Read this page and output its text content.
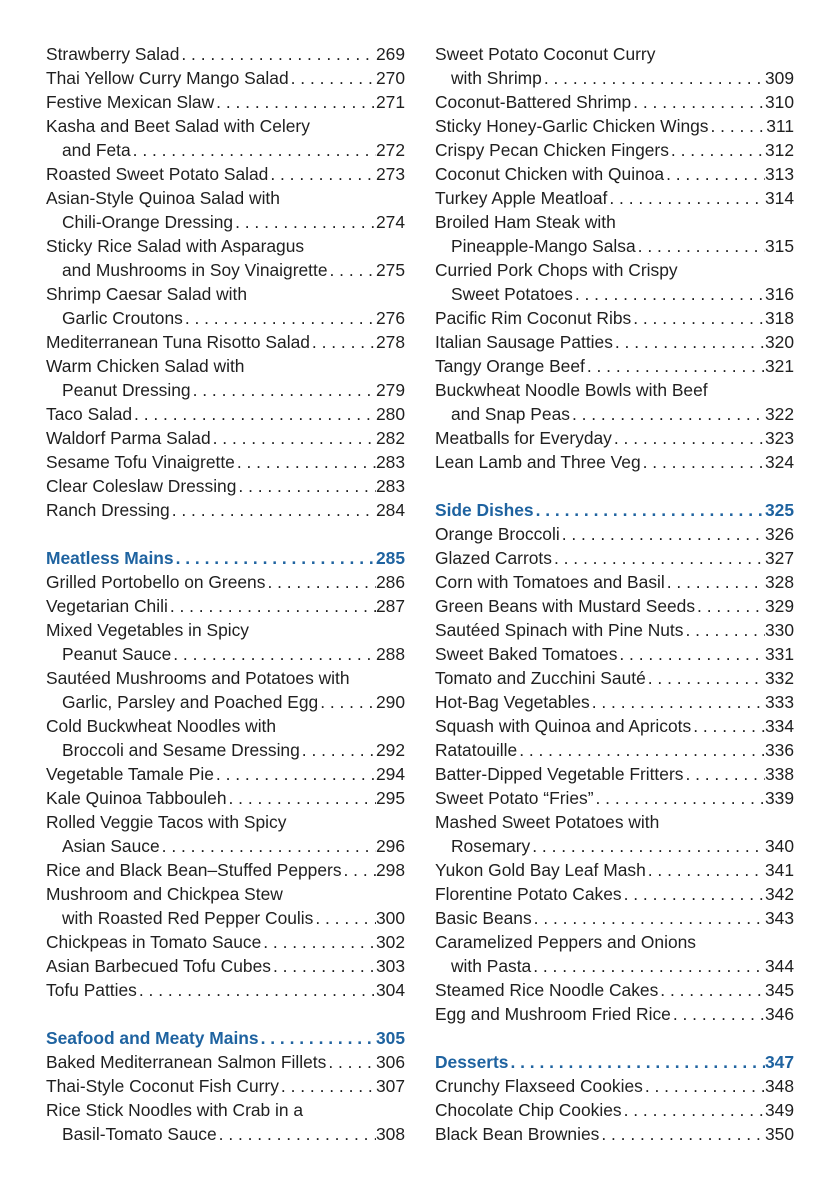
Strawberry Salad . . .	269
Thai Yellow Curry Mango Salad . . .	270
Festive Mexican Slaw . . .	271
Kasha and Beet Salad with Celery
and Feta . . .	272
Roasted Sweet Potato Salad . . .	273
Asian-Style Quinoa Salad with
Chili-Orange Dressing . . .	274
Sticky Rice Salad with Asparagus
and Mushrooms in Soy Vinaigrette . . .	275
Shrimp Caesar Salad with
Garlic Croutons . . .	276
Mediterranean Tuna Risotto Salad . . .	278
Warm Chicken Salad with
Peanut Dressing . . .	279
Taco Salad . . .	280
Waldorf Parma Salad . . .	282
Sesame Tofu Vinaigrette . . .	283
Clear Coleslaw Dressing . . .	283
Ranch Dressing . . .	284
Meatless Mains . . .	285
Grilled Portobello on Greens . . .	286
Vegetarian Chili . . .	287
Mixed Vegetables in Spicy
Peanut Sauce . . .	288
Sautéed Mushrooms and Potatoes with
Garlic, Parsley and Poached Egg . . .	290
Cold Buckwheat Noodles with
Broccoli and Sesame Dressing . . .	292
Vegetable Tamale Pie . . .	294
Kale Quinoa Tabbouleh . . .	295
Rolled Veggie Tacos with Spicy
Asian Sauce . . .	296
Rice and Black Bean–Stuffed Peppers . . . 298
Mushroom and Chickpea Stew
with Roasted Red Pepper Coulis . . .	300
Chickpeas in Tomato Sauce . . .	302
Asian Barbecued Tofu Cubes . . .	303
Tofu Patties . . .	304
Seafood and Meaty Mains . . .	305
Baked Mediterranean Salmon Fillets . . .	306
Thai-Style Coconut Fish Curry . . .	307
Rice Stick Noodles with Crab in a
Basil-Tomato Sauce . . .	308
Sweet Potato Coconut Curry
with Shrimp . . .	309
Coconut-Battered Shrimp . . .	310
Sticky Honey-Garlic Chicken Wings . . .	311
Crispy Pecan Chicken Fingers . . .	312
Coconut Chicken with Quinoa . . .	313
Turkey Apple Meatloaf . . .	314
Broiled Ham Steak with
Pineapple-Mango Salsa . . .	315
Curried Pork Chops with Crispy
Sweet Potatoes . . .	316
Pacific Rim Coconut Ribs . . .	318
Italian Sausage Patties . . .	320
Tangy Orange Beef . . .	321
Buckwheat Noodle Bowls with Beef
and Snap Peas . . .	322
Meatballs for Everyday . . .	323
Lean Lamb and Three Veg . . .	324
Side Dishes . . .	325
Orange Broccoli . . .	326
Glazed Carrots . . .	327
Corn with Tomatoes and Basil . . .	328
Green Beans with Mustard Seeds . . .	329
Sautéed Spinach with Pine Nuts . . .	330
Sweet Baked Tomatoes . . .	331
Tomato and Zucchini Sauté . . .	332
Hot-Bag Vegetables . . .	333
Squash with Quinoa and Apricots . . .	334
Ratatouille . . .	336
Batter-Dipped Vegetable Fritters . . .	338
Sweet Potato “Fries” . . .	339
Mashed Sweet Potatoes with
Rosemary . . .	340
Yukon Gold Bay Leaf Mash . . .	341
Florentine Potato Cakes . . .	342
Basic Beans . . .	343
Caramelized Peppers and Onions
with Pasta . . .	344
Steamed Rice Noodle Cakes . . .	345
Egg and Mushroom Fried Rice . . .	346
Desserts . . .	347
Crunchy Flaxseed Cookies . . .	348
Chocolate Chip Cookies . . .	349
Black Bean Brownies . . .	350
